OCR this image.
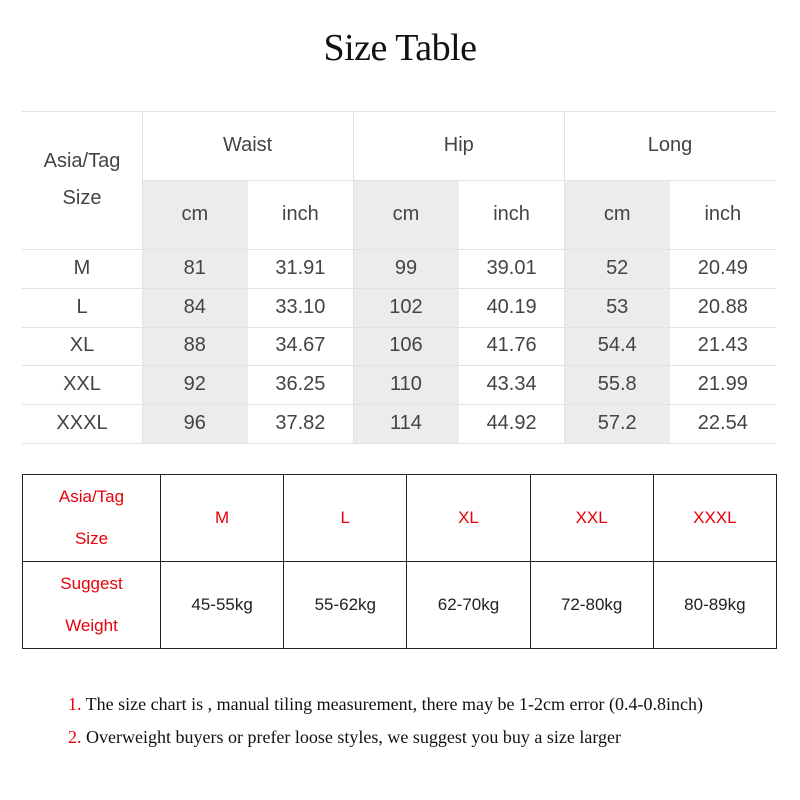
Size Table
Asia/Tag
Size
Waist	Hip	Long
cm	inch	cm	inch	cm	inch
M	81	31.91	99	39.01	52	20.49
L	84	33.10	102	40.19	53	20.88
XL	88	34.67	106	41.76	54.4	21.43
XXL	92	36.25	110	43.34	55.8	21.99
XXXL	96	37.82	114	44.92	57.2	22.54
Asia/Tag
Size	M	L	XL	XXL	XXXL

Suggest
Weight	45-55kg	55-62kg	62-70kg	72-80kg	80-89kg
1. The size chart is , manual tiling measurement, there may be 1-2cm error (0.4-0.8inch)
2. Overweight buyers or prefer loose styles, we suggest you buy a size larger
